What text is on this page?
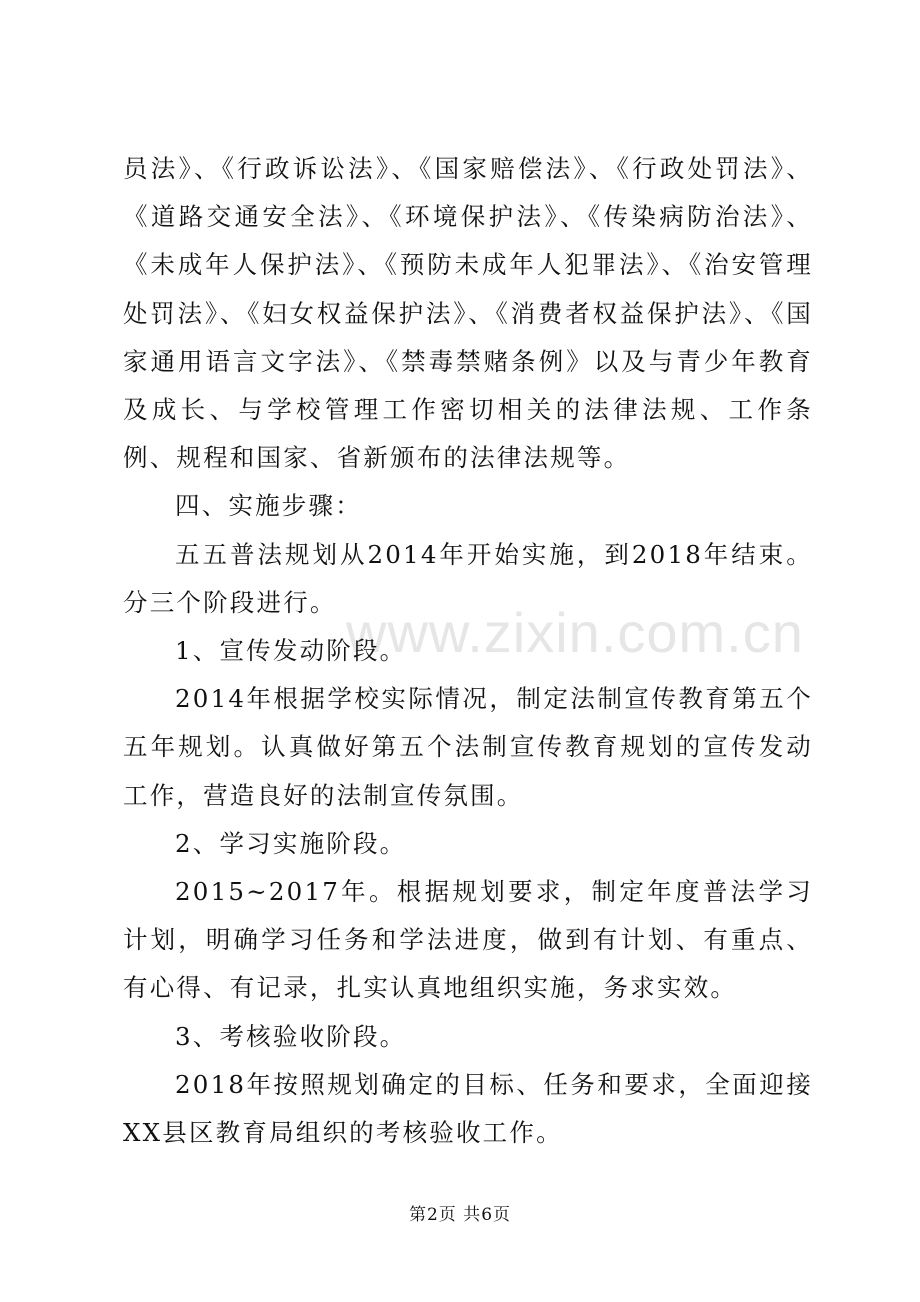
www.zixin.com.cn

员法》、《行政诉讼法》、《国家赔偿法》、《行政处罚法》、《道路交通安全法》、《环境保护法》、《传染病防治法》、《未成年人保护法》、《预防未成年人犯罪法》、《治安管理处罚法》、《妇女权益保护法》、《消费者权益保护法》、《国家通用语言文字法》、《禁毒禁赌条例》以及与青少年教育及成长、与学校管理工作密切相关的法律法规、工作条例、规程和国家、省新颁布的法律法规等。

四、实施步骤：

五五普法规划从2014年开始实施，到2018年结束。分三个阶段进行。

1、宣传发动阶段。

2014年根据学校实际情况，制定法制宣传教育第五个五年规划。认真做好第五个法制宣传教育规划的宣传发动工作，营造良好的法制宣传氛围。

2、学习实施阶段。

2015~2017年。根据规划要求，制定年度普法学习计划，明确学习任务和学法进度，做到有计划、有重点、有心得、有记录，扎实认真地组织实施，务求实效。

3、考核验收阶段。

2018年按照规划确定的目标、任务和要求，全面迎接XX县区教育局组织的考核验收工作。

第2页 共6页
